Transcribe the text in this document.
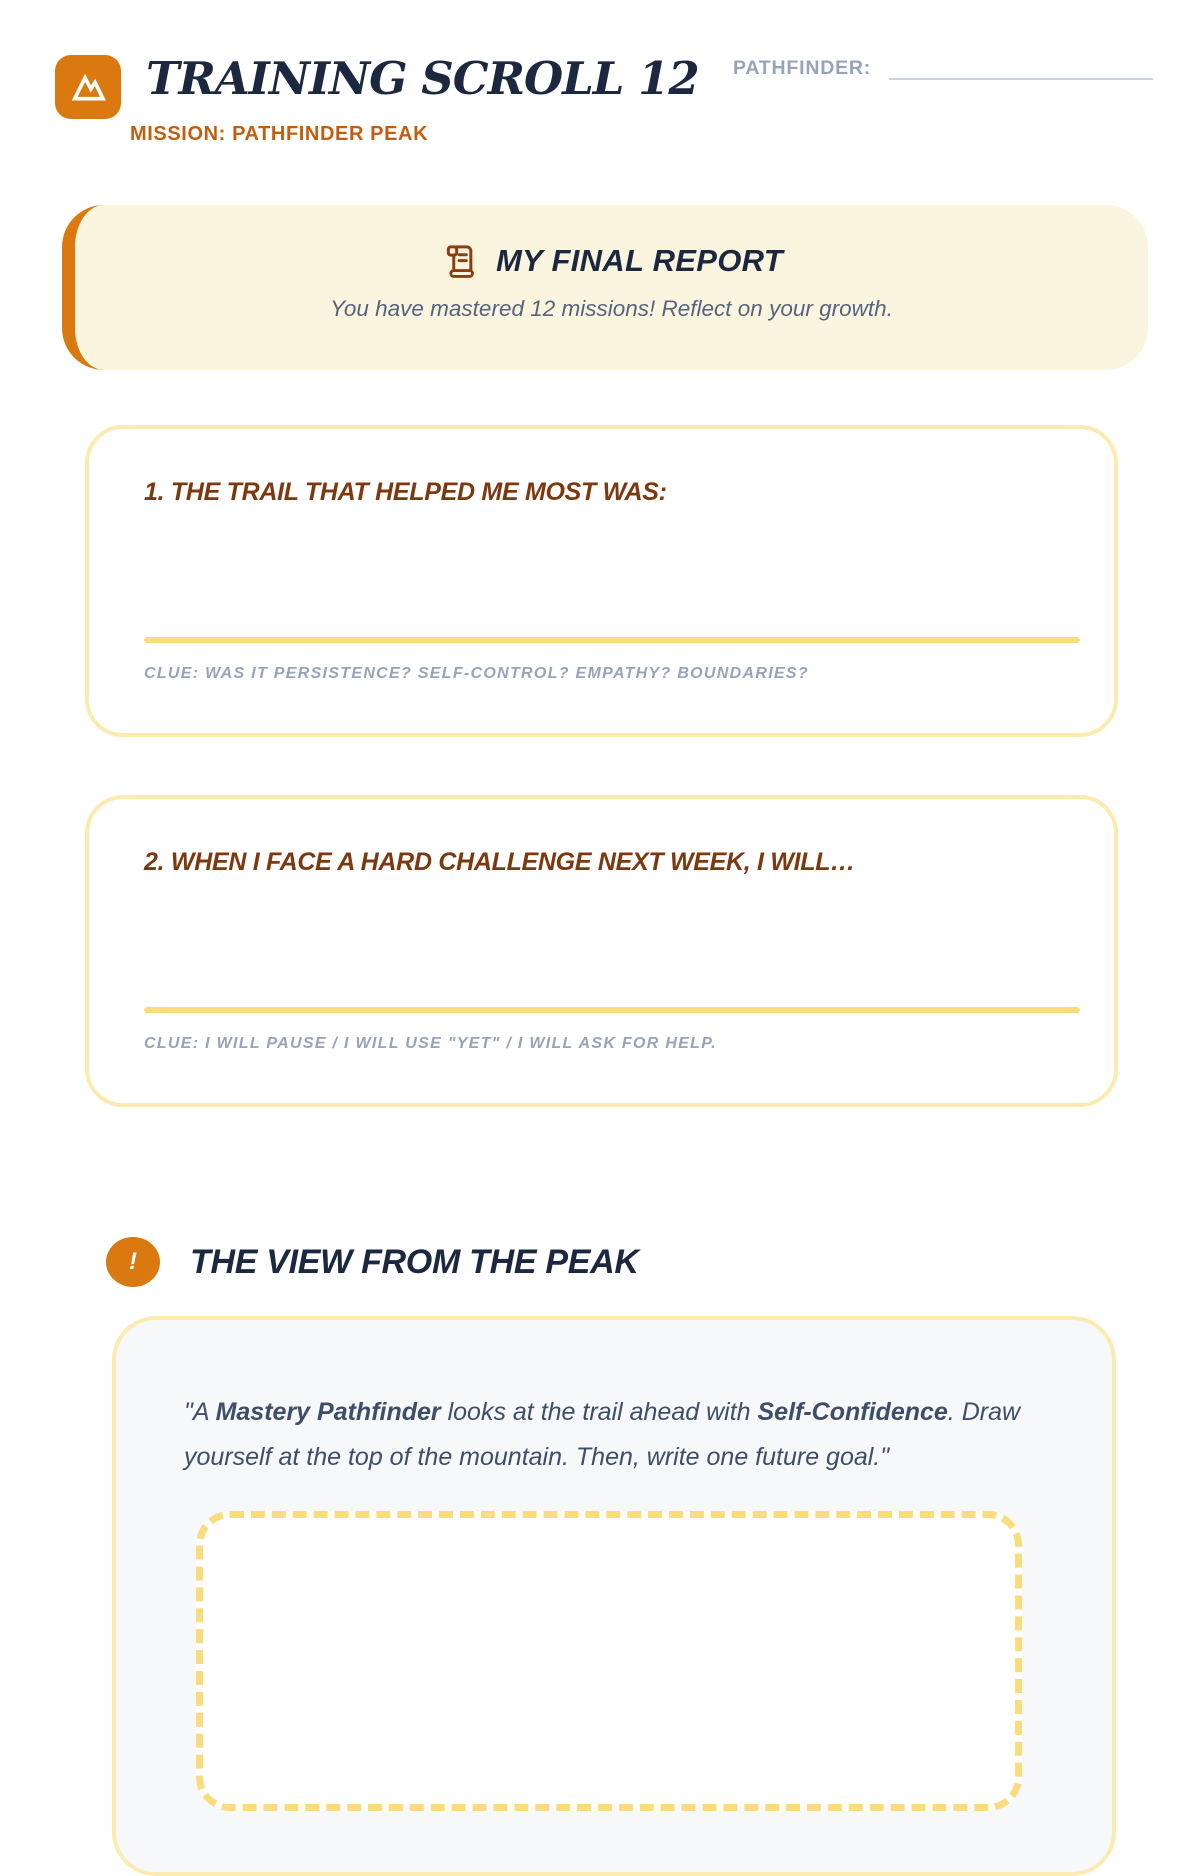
TRAINING SCROLL 12
MISSION: PATHFINDER PEAK
PATHFINDER:
MY FINAL REPORT
You have mastered 12 missions! Reflect on your growth.
1. THE TRAIL THAT HELPED ME MOST WAS:
CLUE: WAS IT PERSISTENCE? SELF-CONTROL? EMPATHY? BOUNDARIES?
2. WHEN I FACE A HARD CHALLENGE NEXT WEEK, I WILL…
CLUE: I WILL PAUSE / I WILL USE "YET" / I WILL ASK FOR HELP.
! THE VIEW FROM THE PEAK

"A Mastery Pathfinder looks at the trail ahead with Self-Confidence. Draw yourself at the top of the mountain. Then, write one future goal."
